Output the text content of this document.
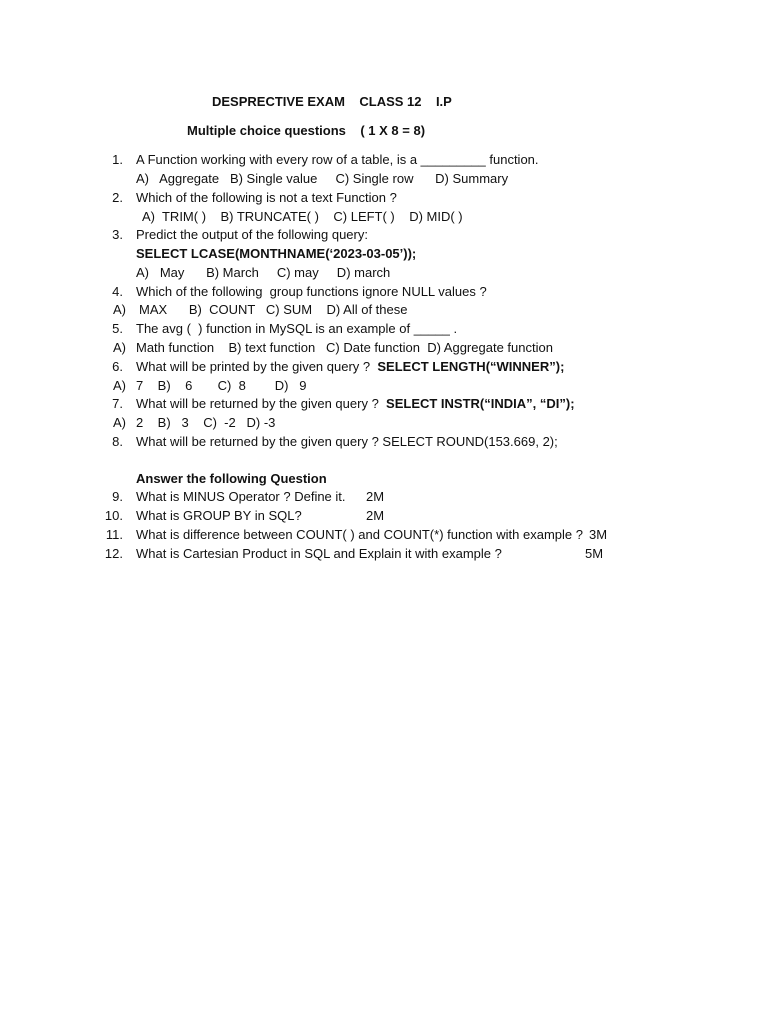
DESPRECTIVE EXAM    CLASS 12    I.P
Multiple choice questions    ( 1 X 8 = 8)
1. A Function working with every row of a table, is a _________ function.
A)   Aggregate   B) Single value     C) Single row      D) Summary
2. Which of the following is not a text Function ?
A)  TRIM( )    B) TRUNCATE( )    C) LEFT( )    D) MID( )
3. Predict the output of the following query:
SELECT LCASE(MONTHNAME(‘2023-03-05’));
A)   May      B) March     C) may     D) march
4. Which of the following  group functions ignore NULL values ?
A) MAX      B)  COUNT   C) SUM    D) All of these
5. The avg (  ) function in MySQL is an example of _____ .
A) Math function    B) text function   C) Date function  D) Aggregate function
6. What will be printed by the given query ?  SELECT LENGTH(“WINNER”);
A) 7    B)    6       C)  8        D)   9
7. What will be returned by the given query ?  SELECT INSTR(“INDIA”, “DI”);
A) 2    B)   3    C)  -2   D) -3
8. What will be returned by the given query ? SELECT ROUND(153.669, 2);
Answer the following Question
9. What is MINUS Operator ? Define it. 2M
10. What is GROUP BY in SQL?	2M
11. What is difference between COUNT( ) and COUNT(*) function with example ? 3M
12. What is Cartesian Product in SQL and Explain it with example ?	5M
